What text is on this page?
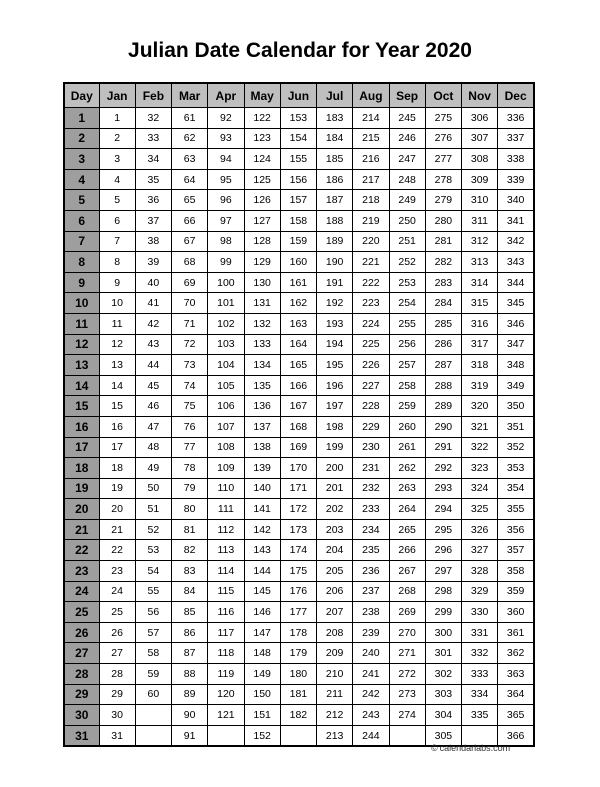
Julian Date Calendar for Year 2020
Day	Jan	Feb	Mar	Apr	May	Jun	Jul	Aug	Sep	Oct	Nov	Dec
1	1	32	61	92	122	153	183	214	245	275	306	336
2	2	33	62	93	123	154	184	215	246	276	307	337
3	3	34	63	94	124	155	185	216	247	277	308	338
4	4	35	64	95	125	156	186	217	248	278	309	339
5	5	36	65	96	126	157	187	218	249	279	310	340
6	6	37	66	97	127	158	188	219	250	280	311	341
7	7	38	67	98	128	159	189	220	251	281	312	342
8	8	39	68	99	129	160	190	221	252	282	313	343
9	9	40	69	100	130	161	191	222	253	283	314	344
10	10	41	70	101	131	162	192	223	254	284	315	345
11	11	42	71	102	132	163	193	224	255	285	316	346
12	12	43	72	103	133	164	194	225	256	286	317	347
13	13	44	73	104	134	165	195	226	257	287	318	348
14	14	45	74	105	135	166	196	227	258	288	319	349
15	15	46	75	106	136	167	197	228	259	289	320	350
16	16	47	76	107	137	168	198	229	260	290	321	351
17	17	48	77	108	138	169	199	230	261	291	322	352
18	18	49	78	109	139	170	200	231	262	292	323	353
19	19	50	79	110	140	171	201	232	263	293	324	354
20	20	51	80	111	141	172	202	233	264	294	325	355
21	21	52	81	112	142	173	203	234	265	295	326	356
22	22	53	82	113	143	174	204	235	266	296	327	357
23	23	54	83	114	144	175	205	236	267	297	328	358
24	24	55	84	115	145	176	206	237	268	298	329	359
25	25	56	85	116	146	177	207	238	269	299	330	360
26	26	57	86	117	147	178	208	239	270	300	331	361
27	27	58	87	118	148	179	209	240	271	301	332	362
28	28	59	88	119	149	180	210	241	272	302	333	363
29	29	60	89	120	150	181	211	242	273	303	334	364
30	30		90	121	151	182	212	243	274	304	335	365
31	31		91		152		213	244		305		366
© calendarlabs.com
